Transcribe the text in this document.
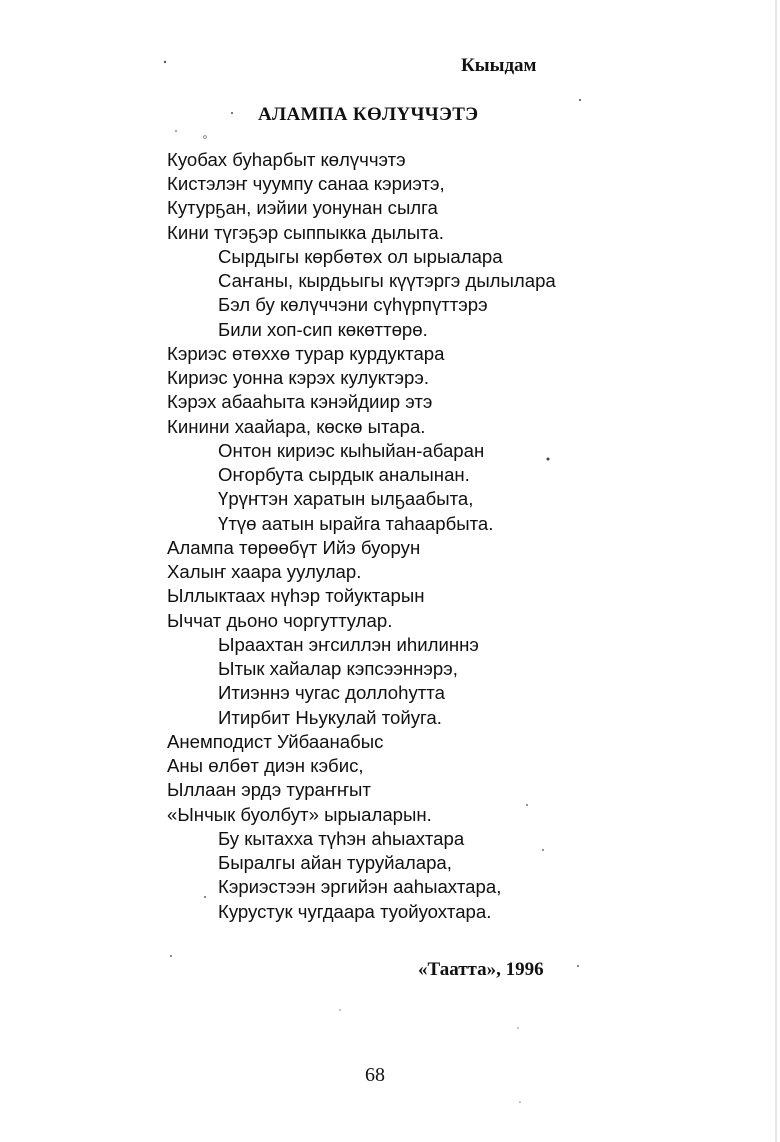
Кыыдам
АЛАМПА КӨЛҮЧЧЭТЭ
Куобах буһарбыт көлүччэтэ
Кистэлэҥ чуумпу санаа кэриэтэ,
Кутурҕан, иэйии уонунан сылга
Кини түгэҕэр сыппыкка дылыта.
Сырдыгы көрбөтөх ол ырыалара
Саҥаны, кырдьыгы күүтэргэ дылылара
Бэл бу көлүччэни сүһүрпүттэрэ
Били хоп-сип көкөттөрө.
Кэриэс өтөххө турар курдуктара
Кириэс уонна кэрэх кулуктэрэ.
Кэрэх абааһыта кэнэйдиир этэ
Кинини хаайара, көскө ытара.
Онтон кириэс кыһыйан-абаран
Оҥорбута сырдык аналынан.
Үрүҥтэн харатын ылҕаабыта,
Үтүө аатын ырайга таһаарбыта.
Алампа төрөөбүт Ийэ буорун
Халыҥ хаара уулулар.
Ыллыктаах нүһэр тойуктарын
Ыччат дьоно чоргуттулар.
Ыраахтан эҥсиллэн иһилиннэ
Ытык хайалар кэпсээннэрэ,
Итиэннэ чугас доллоһутта
Итирбит Ньукулай тойуга.
Анемподист Уйбаанабыс
Аны өлбөт диэн кэбис,
Ыллаан эрдэ тураҥҥыт
«Ынчык буолбут» ырыаларын.
Бу кытахха түһэн аһыахтара
Быралгы айан туруйалара,
Кэриэстээн эргийэн ааһыахтара,
Курустук чугдаара туойуохтара.
«Таатта», 1996
68
